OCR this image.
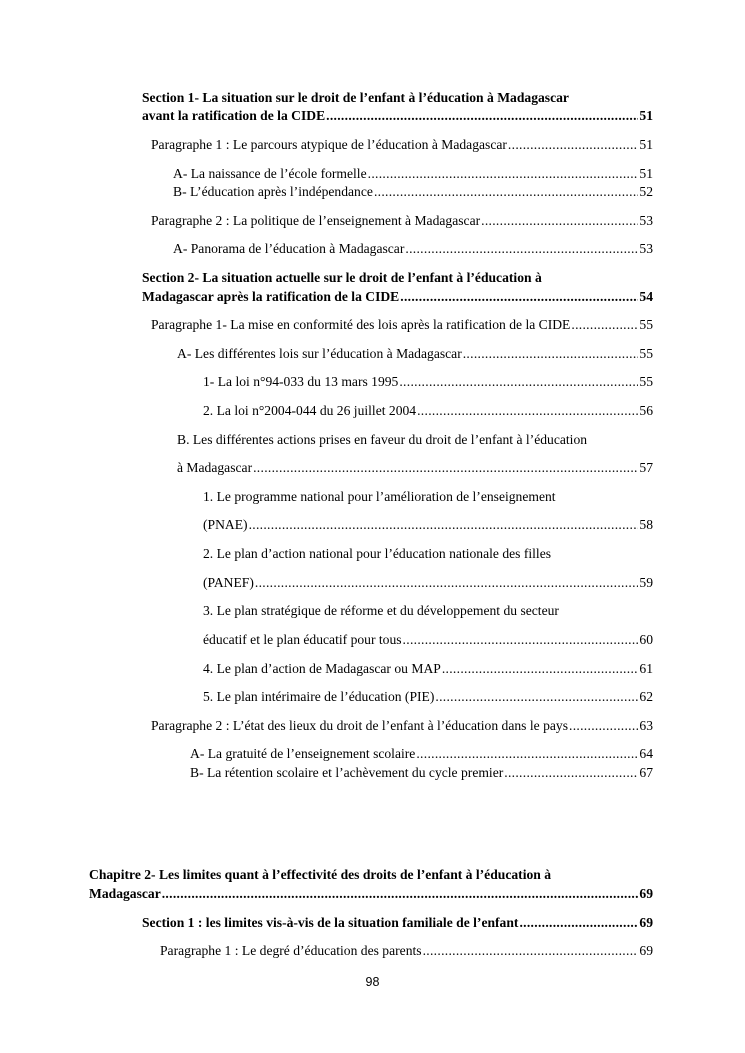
Section 1- La situation sur le droit de l’enfant à l’éducation à Madagascar
avant la ratification de la CIDE .....	51
Paragraphe 1 : Le parcours atypique de l’éducation à Madagascar .....	51
A- La naissance de l’école formelle .....	51
B- L’éducation après l’indépendance .....	52
Paragraphe 2 : La politique de l’enseignement à Madagascar .....	53
A- Panorama de l’éducation à Madagascar .....	53
Section 2- La situation actuelle sur le droit de l’enfant à l’éducation à
Madagascar après la ratification de la CIDE .....	54
Paragraphe 1- La mise en conformité des lois après la ratification de la CIDE .....	55
A- Les différentes lois sur l’éducation à Madagascar .....	55
1- La loi n°94-033 du 13 mars 1995 .....	55
2. La loi n°2004-044 du 26 juillet 2004 .....	56
B. Les différentes actions prises en faveur du droit de l’enfant à l’éducation
à Madagascar .....	57
1. Le programme national pour l’amélioration de l’enseignement
(PNAE) .....	58
2. Le plan d’action national pour l’éducation nationale des filles
(PANEF) .....	59
3. Le plan stratégique de réforme et du développement du secteur
éducatif et le plan éducatif pour tous .....	60
4. Le plan d’action de Madagascar ou MAP .....	61
5. Le plan intérimaire de l’éducation (PIE) .....	62
Paragraphe 2 : L’état des lieux du droit de l’enfant à l’éducation dans le pays .....	63
A- La gratuité de l’enseignement scolaire .....	64
B- La rétention scolaire et l’achèvement du cycle premier .....	67
Chapitre 2- Les limites quant à l’effectivité des droits de l’enfant à l’éducation à
Madagascar .....	69
Section 1 : les limites vis-à-vis de la situation familiale de l’enfant .....	69
Paragraphe 1 : Le degré d’éducation des parents .....	69
98
